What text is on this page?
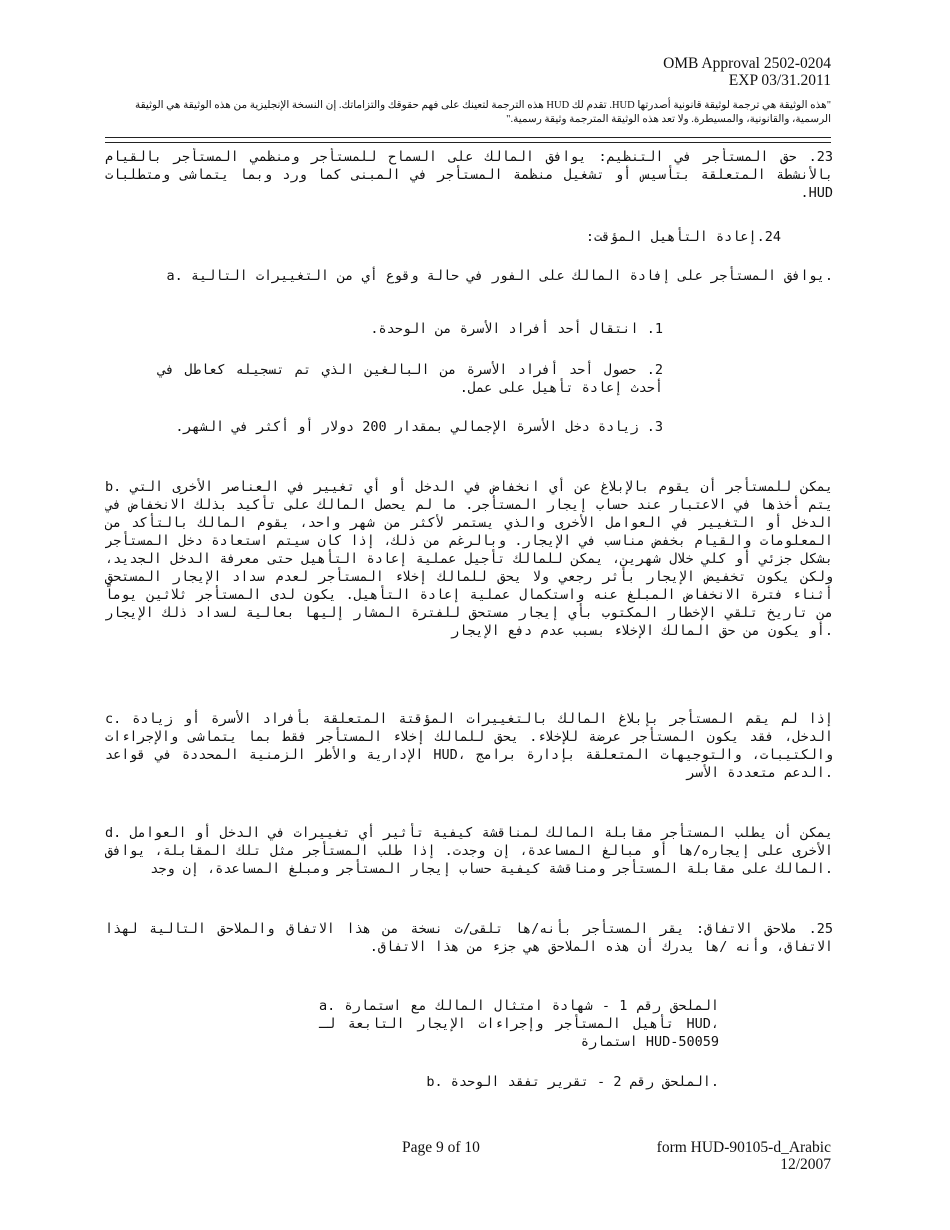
OMB Approval 2502-0204
EXP 03/31.2011
"هذه الوثيقة هي ترجمة لوثيقة قانونية أصدرتها HUD. تقدم لك HUD هذه الترجمة لتعينك على فهم حقوقك والتزاماتك. إن النسخة الإنجليزية من هذه الوثيقة هي الوثيقة الرسمية، والقانونية، والمسيطرة. ولا تعد هذه الوثيقة المترجمة وثيقة رسمية."

23. حق المستأجر في التنظيم: يوافق المالك على السماح للمستأجر ومنظمي المستأجر بالقيام بالأنشطة المتعلقة بتأسيس أو تشغيل منظمة المستأجر في المبنى كما ورد وبما يتماشى ومتطلبات HUD.

24.إعادة التأهيل المؤقت:

a. يوافق المستأجر على إفادة المالك على الفور في حالة وقوع أي من التغييرات التالية.

1. انتقال أحد أفراد الأسرة من الوحدة.

2. حصول أحد أفراد الأسرة من البالغين الذي تم تسجيله كعاطل في أحدث إعادة تأهيل على عمل.

3. زيادة دخل الأسرة الإجمالي بمقدار 200 دولار أو أكثر في الشهر.

b. يمكن للمستأجر أن يقوم بالإبلاغ عن أي انخفاض في الدخل أو أي تغيير في العناصر الأخرى التي يتم أخذها في الاعتبار عند حساب إيجار المستأجر. ما لم يحصل المالك على تأكيد بذلك الانخفاض في الدخل أو التغيير في العوامل الأخرى والذي يستمر لأكثر من شهر واحد، يقوم المالك بالتأكد من المعلومات والقيام بخفض مناسب في الإيجار. وبالرغم من ذلك، إذا كان سيتم استعادة دخل المستأجر بشكل جزئي أو كلي خلال شهرين، يمكن للمالك تأجيل عملية إعادة التأهيل حتى معرفة الدخل الجديد، ولكن يكون تخفيض الإيجار بأثر رجعي ولا يحق للمالك إخلاء المستأجر لعدم سداد الإيجار المستحق أثناء فترة الانخفاض المبلغ عنه واستكمال عملية إعادة التأهيل. يكون لدى المستأجر ثلاثين يوماً من تاريخ تلقي الإخطار المكتوب بأي إيجار مستحق للفترة المشار إليها بعالية لسداد ذلك الإيجار أو يكون من حق المالك الإخلاء بسبب عدم دفع الإيجار.

c. إذا لم يقم المستأجر بإبلاغ المالك بالتغييرات المؤقتة المتعلقة بأفراد الأسرة أو زيادة الدخل، فقد يكون المستأجر عرضة للإخلاء. يحق للمالك إخلاء المستأجر فقط بما يتماشى والإجراءات الإدارية والأطر الزمنية المحددة في قواعد HUD، والكتيبات، والتوجيهات المتعلقة بإدارة برامج الدعم متعددة الأسر.

d. يمكن أن يطلب المستأجر مقابلة المالك لمناقشة كيفية تأثير أي تغييرات في الدخل أو العوامل الأخرى على إيجاره/ها أو مبالغ المساعدة، إن وجدت. إذا طلب المستأجر مثل تلك المقابلة، يوافق المالك على مقابلة المستأجر ومناقشة كيفية حساب إيجار المستأجر ومبلغ المساعدة، إن وجد.

25. ملاحق الاتفاق: يقر المستأجر بأنه/ها تلقى/ت نسخة من هذا الاتفاق والملاحق التالية لهذا الاتفاق، وأنه /ها يدرك أن هذه الملاحق هي جزء من هذا الاتفاق.

a. الملحق رقم 1 - شهادة امتثال المالك مع استمارة تأهيل المستأجر وإجراءات الإيجار التابعة لـ HUD، استمارة HUD-50059

b. الملحق رقم 2 - تقرير تفقد الوحدة.

Page 9 of 10	form HUD-90105-d_Arabic
12/2007
